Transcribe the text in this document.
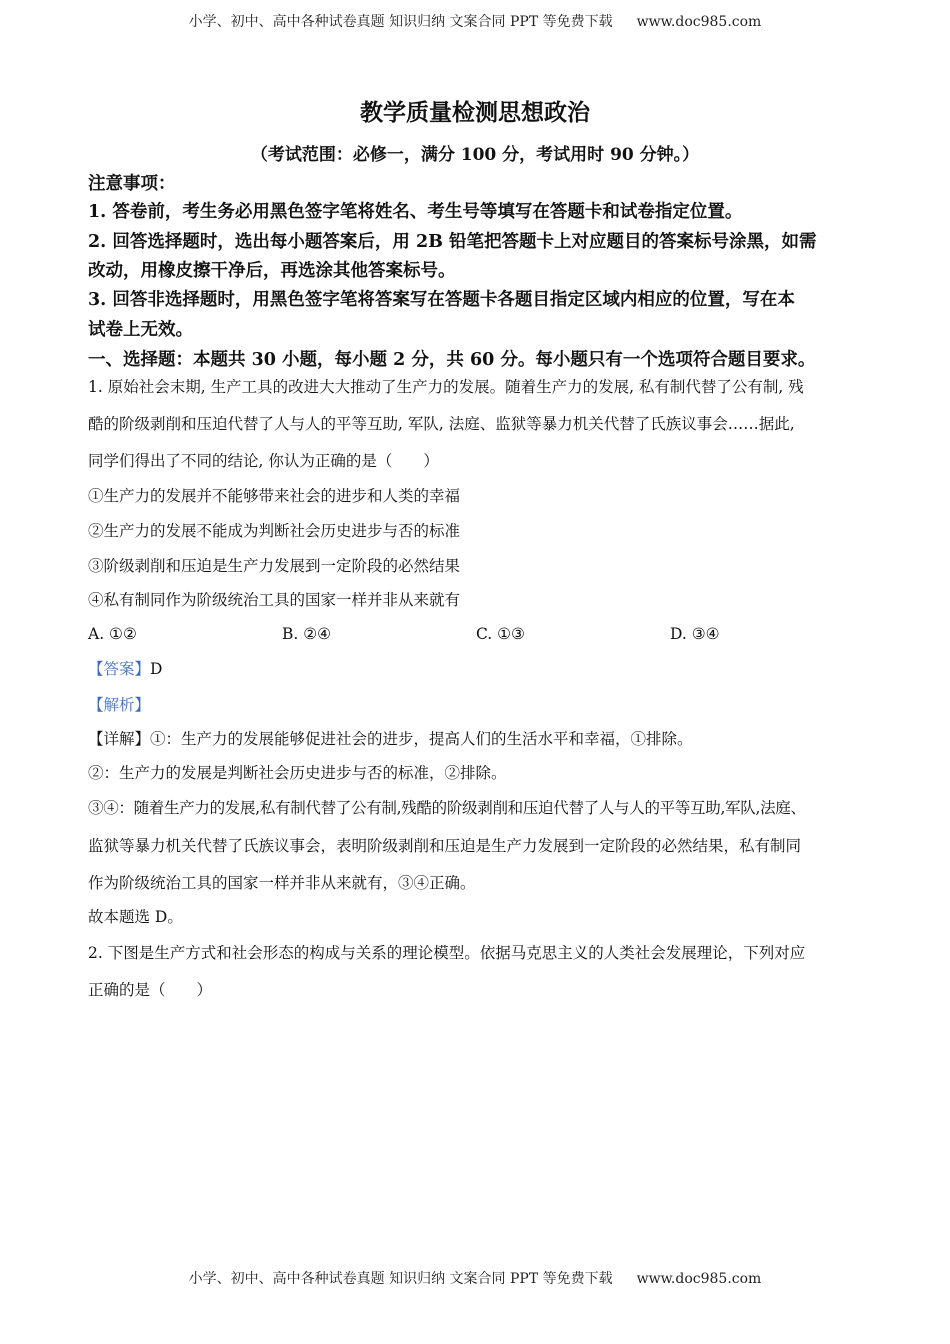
小学、初中、高中各种试卷真题 知识归纳 文案合同 PPT 等免费下载 www.doc985.com
教学质量检测思想政治
（考试范围：必修一，满分 100 分，考试用时 90 分钟。）
注意事项：
1. 答卷前，考生务必用黑色签字笔将姓名、考生号等填写在答题卡和试卷指定位置。
2. 回答选择题时，选出每小题答案后，用 2B 铅笔把答题卡上对应题目的答案标号涂黑，如需
改动，用橡皮擦干净后，再选涂其他答案标号。
3. 回答非选择题时，用黑色签字笔将答案写在答题卡各题目指定区域内相应的位置，写在本
试卷上无效。
一、选择题：本题共 30 小题，每小题 2 分，共 60 分。每小题只有一个选项符合题目要求。
1. 原始社会末期, 生产工具的改进大大推动了生产力的发展。随着生产力的发展, 私有制代替了公有制, 残
酷的阶级剥削和压迫代替了人与人的平等互助, 军队, 法庭、监狱等暴力机关代替了氏族议事会……据此,
同学们得出了不同的结论, 你认为正确的是（　　）
①生产力的发展并不能够带来社会的进步和人类的幸福
②生产力的发展不能成为判断社会历史进步与否的标准
③阶级剥削和压迫是生产力发展到一定阶段的必然结果
④私有制同作为阶级统治工具的国家一样并非从来就有
A. ①②	B. ②④	C. ①③	D. ③④
【答案】D
【解析】
【详解】①：生产力的发展能够促进社会的进步，提高人们的生活水平和幸福，①排除。
②：生产力的发展是判断社会历史进步与否的标准，②排除。
③④：随着生产力的发展,私有制代替了公有制,残酷的阶级剥削和压迫代替了人与人的平等互助,军队,法庭、
监狱等暴力机关代替了氏族议事会，表明阶级剥削和压迫是生产力发展到一定阶段的必然结果，私有制同
作为阶级统治工具的国家一样并非从来就有，③④正确。
故本题选 D。
2. 下图是生产方式和社会形态的构成与关系的理论模型。依据马克思主义的人类社会发展理论，下列对应
正确的是（　　）
小学、初中、高中各种试卷真题 知识归纳 文案合同 PPT 等免费下载 www.doc985.com
